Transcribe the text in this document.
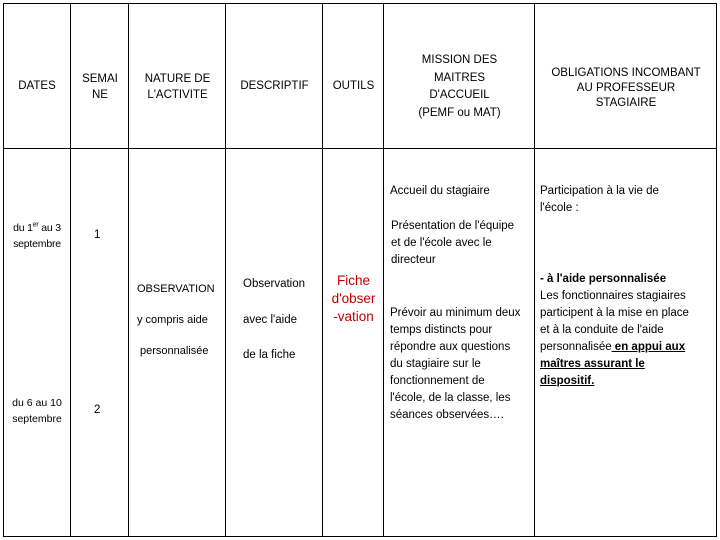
DATES
SEMAI
NE
NATURE DE
L'ACTIVITE
DESCRIPTIF	OUTILS
MISSION DES
MAITRES
D'ACCUEIL
(PEMF ou MAT)
OBLIGATIONS INCOMBANT
AU PROFESSEUR
STAGIAIRE
du 1er au 3
septembre
du 6 au 10
septembre
1
2
OBSERVATION
y compris aide
personnalisée
Observation
avec l'aide
de la fiche
Fiche
d'obser
-vation
Accueil du stagiaire
Présentation de l'équipe
et de l'école avec le
directeur
Prévoir au minimum deux
temps distincts pour
répondre aux questions
du stagiaire sur le
fonctionnement de
l'école, de la classe, les
séances observées….
Participation à la vie de
l'école :
- à l'aide personnalisée
Les fonctionnaires stagiaires
participent à la mise en place
et à la conduite de l'aide
personnalisée en appui aux
maîtres assurant le
dispositif.
